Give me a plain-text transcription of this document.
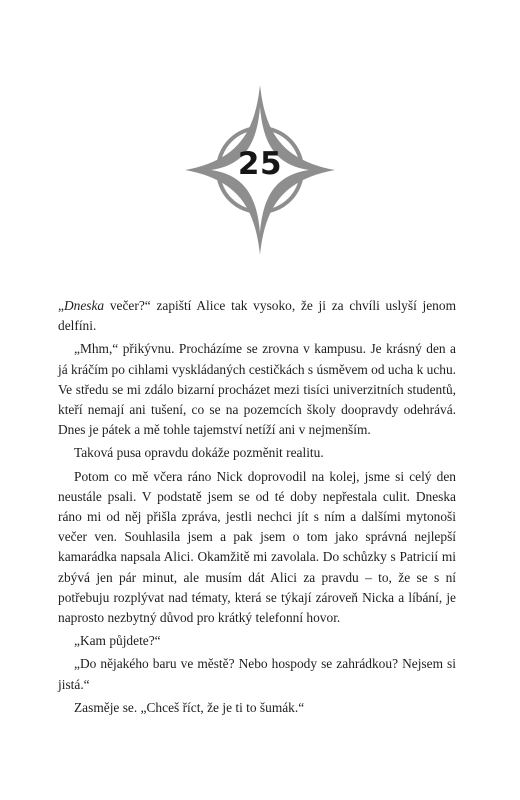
25

„Dneska večer?“ zapiští Alice tak vysoko, že ji za chvíli uslyší jenom delfíni.

„Mhm,“ přikývnu. Procházíme se zrovna v kampusu. Je krásný den a já kráčím po cihlami vyskládaných cestičkách s úsměvem od ucha k uchu. Ve středu se mi zdálo bizarní procházet mezi tisíci univerzitních studentů, kteří nemají ani tušení, co se na pozemcích školy doopravdy odehrává. Dnes je pátek a mě tohle tajemství netíží ani v nejmenším.

Taková pusa opravdu dokáže pozměnit realitu.

Potom co mě včera ráno Nick doprovodil na kolej, jsme si celý den neustále psali. V podstatě jsem se od té doby nepřestala culit. Dneska ráno mi od něj přišla zpráva, jestli nechci jít s ním a dalšími mytonoši večer ven. Souhlasila jsem a pak jsem o tom jako správná nejlepší kamarádka napsala Alici. Okamžitě mi zavolala. Do schůzky s Patricií mi zbývá jen pár minut, ale musím dát Alici za pravdu – to, že se s ní potřebuju rozplývat nad tématy, která se týkají zároveň Nicka a líbání, je naprosto nezbytný důvod pro krátký telefonní hovor.

„Kam půjdete?“

„Do nějakého baru ve městě? Nebo hospody se zahrádkou? Nejsem si jistá.“

Zasměje se. „Chceš říct, že je ti to šumák.“
